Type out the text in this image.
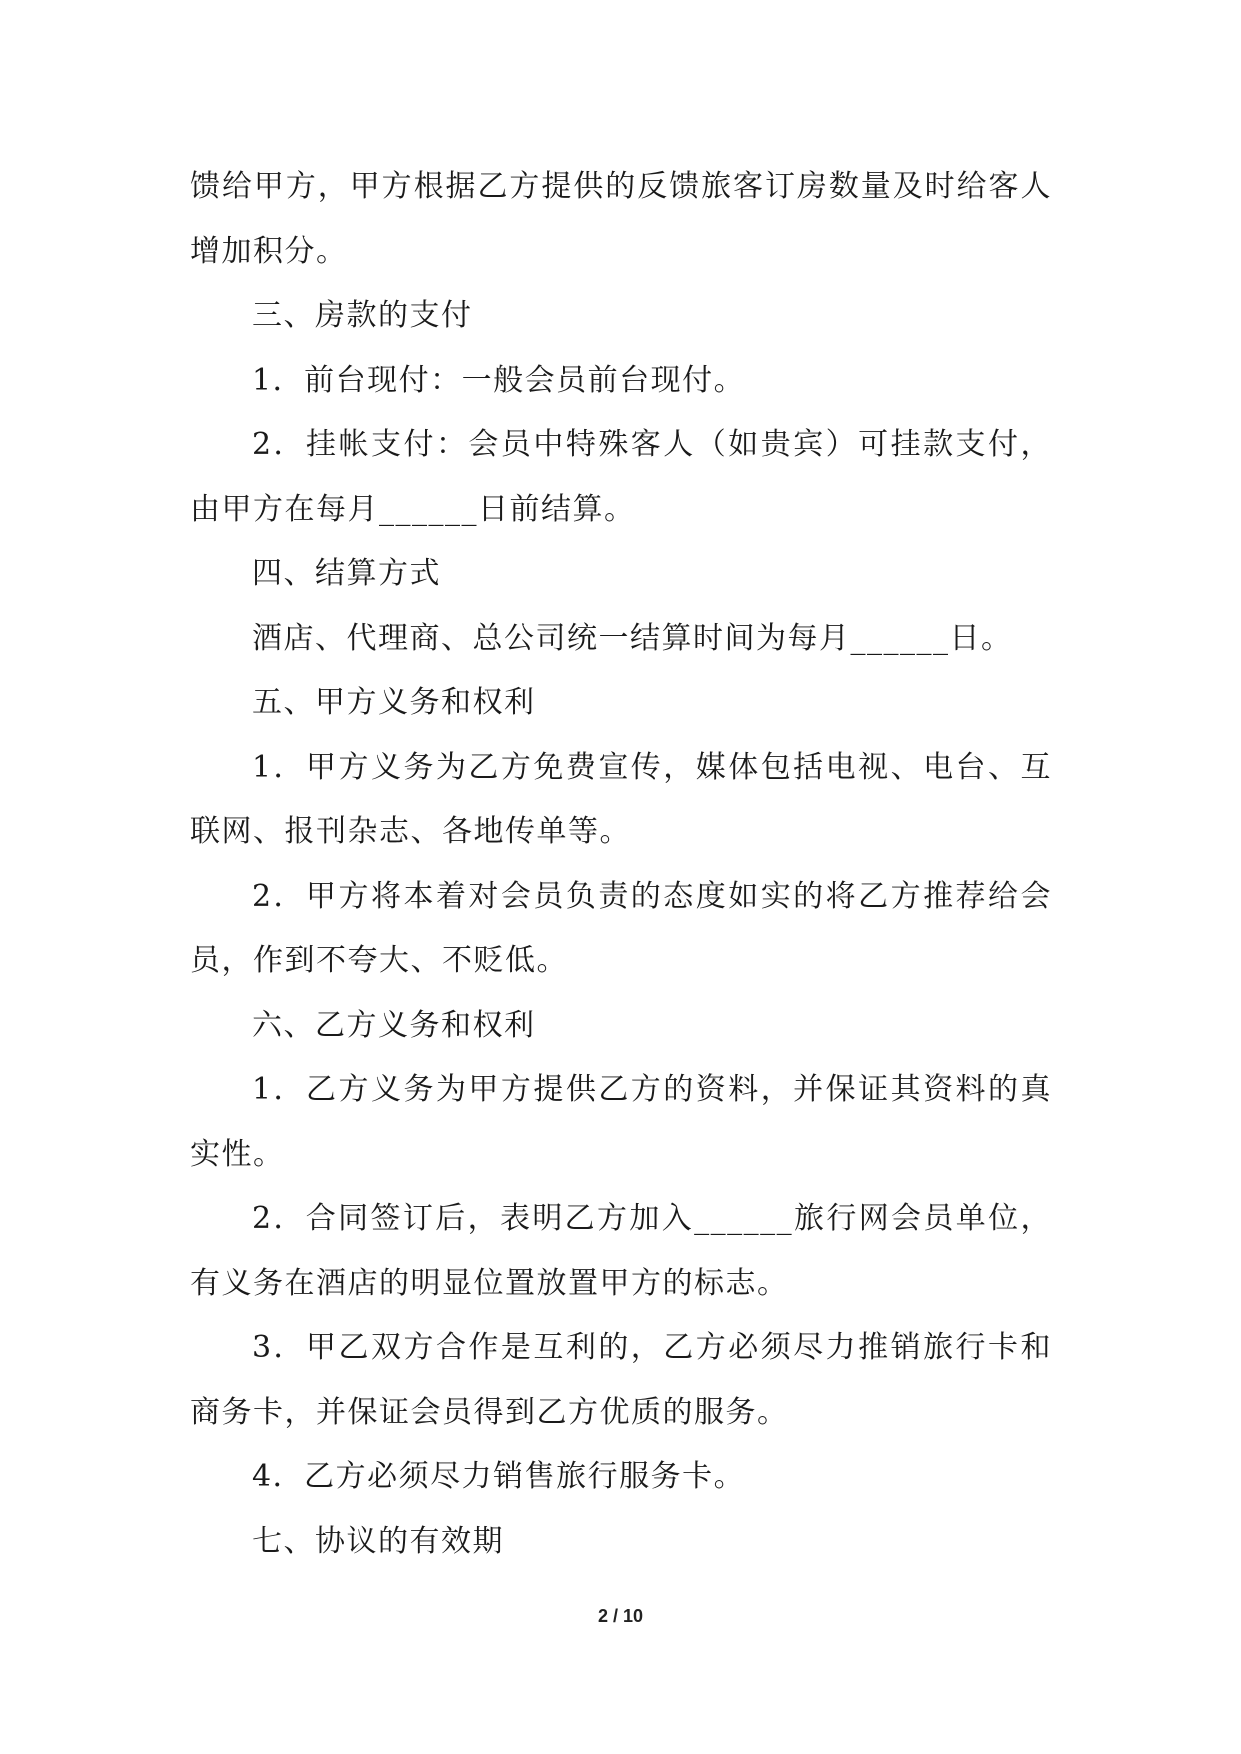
馈给甲方，甲方根据乙方提供的反馈旅客订房数量及时给客人增加积分。

三、房款的支付

1．前台现付：一般会员前台现付。

2．挂帐支付：会员中特殊客人（如贵宾）可挂款支付，由甲方在每月______日前结算。

四、结算方式

酒店、代理商、总公司统一结算时间为每月______日。

五、甲方义务和权利

1．甲方义务为乙方免费宣传，媒体包括电视、电台、互联网、报刊杂志、各地传单等。

2．甲方将本着对会员负责的态度如实的将乙方推荐给会员，作到不夸大、不贬低。

六、乙方义务和权利

1．乙方义务为甲方提供乙方的资料，并保证其资料的真实性。

2．合同签订后，表明乙方加入______旅行网会员单位，有义务在酒店的明显位置放置甲方的标志。

3．甲乙双方合作是互利的，乙方必须尽力推销旅行卡和商务卡，并保证会员得到乙方优质的服务。

4．乙方必须尽力销售旅行服务卡。

七、协议的有效期

2 / 10
